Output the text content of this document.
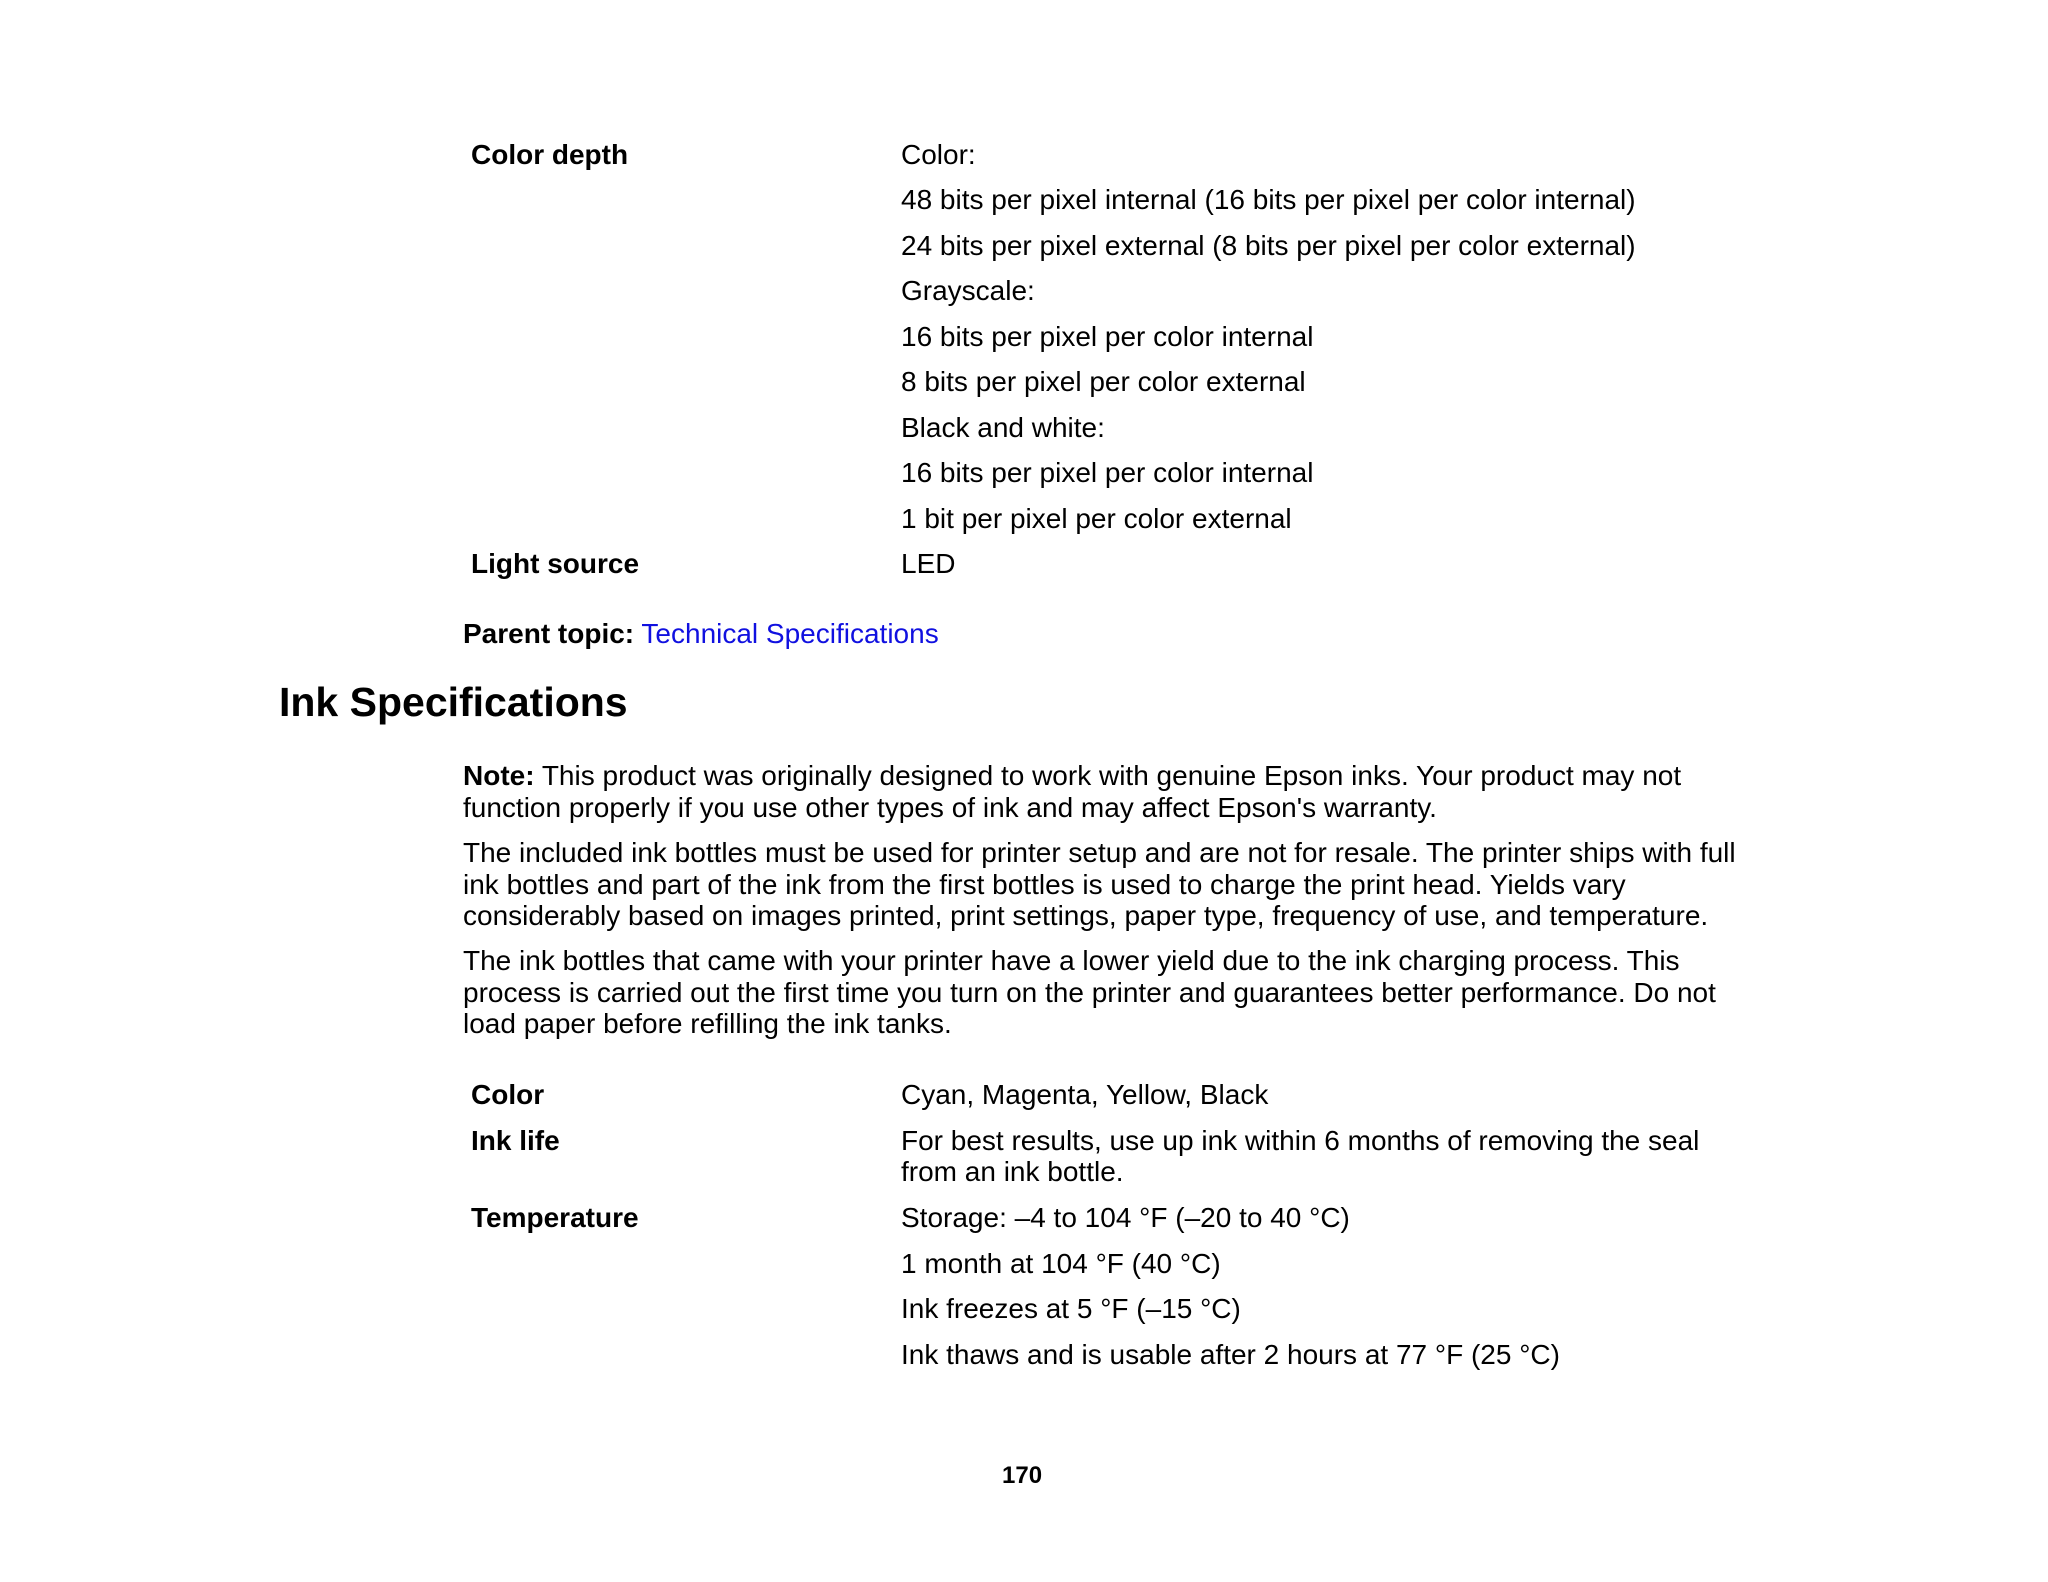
Color depth	Color:
48 bits per pixel internal (16 bits per pixel per color internal)
24 bits per pixel external (8 bits per pixel per color external)
Grayscale:
16 bits per pixel per color internal
8 bits per pixel per color external
Black and white:
16 bits per pixel per color internal
1 bit per pixel per color external
Light source	LED
Parent topic: Technical Specifications
Ink Specifications
Note: This product was originally designed to work with genuine Epson inks. Your product may not
function properly if you use other types of ink and may affect Epson's warranty.
The included ink bottles must be used for printer setup and are not for resale. The printer ships with full
ink bottles and part of the ink from the first bottles is used to charge the print head. Yields vary
considerably based on images printed, print settings, paper type, frequency of use, and temperature.
The ink bottles that came with your printer have a lower yield due to the ink charging process. This
process is carried out the first time you turn on the printer and guarantees better performance. Do not
load paper before refilling the ink tanks.
Color	Cyan, Magenta, Yellow, Black
Ink life	For best results, use up ink within 6 months of removing the seal
from an ink bottle.
Temperature	Storage: –4 to 104 °F (–20 to 40 °C)
1 month at 104 °F (40 °C)
Ink freezes at 5 °F (–15 °C)
Ink thaws and is usable after 2 hours at 77 °F (25 °C)
170
